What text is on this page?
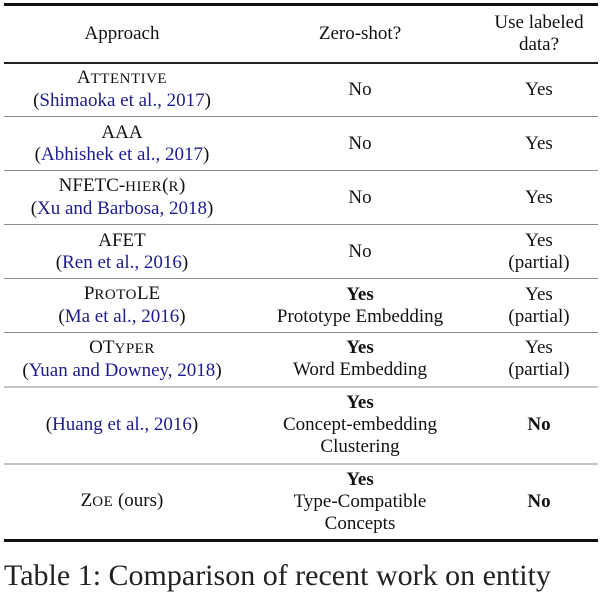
Approach	Zero-shot?	Use labeled
data?

ATTENTIVE
(Shimaoka et al., 2017)	No	Yes

AAA
(Abhishek et al., 2017)	No	Yes

NFETC-HIER(R)
(Xu and Barbosa, 2018)	No	Yes

AFET
(Ren et al., 2016)	No	Yes
(partial)

PROTOLE
(Ma et al., 2016)	Yes
Prototype Embedding	Yes
(partial)

OTYPER
(Yuan and Downey, 2018)	Yes
Word Embedding	Yes
(partial)

(Huang et al., 2016)	Yes
Concept-embedding
Clustering	No

ZOE (ours)	Yes
Type-Compatible
Concepts	No
Table 1: Comparison of recent work on entity
